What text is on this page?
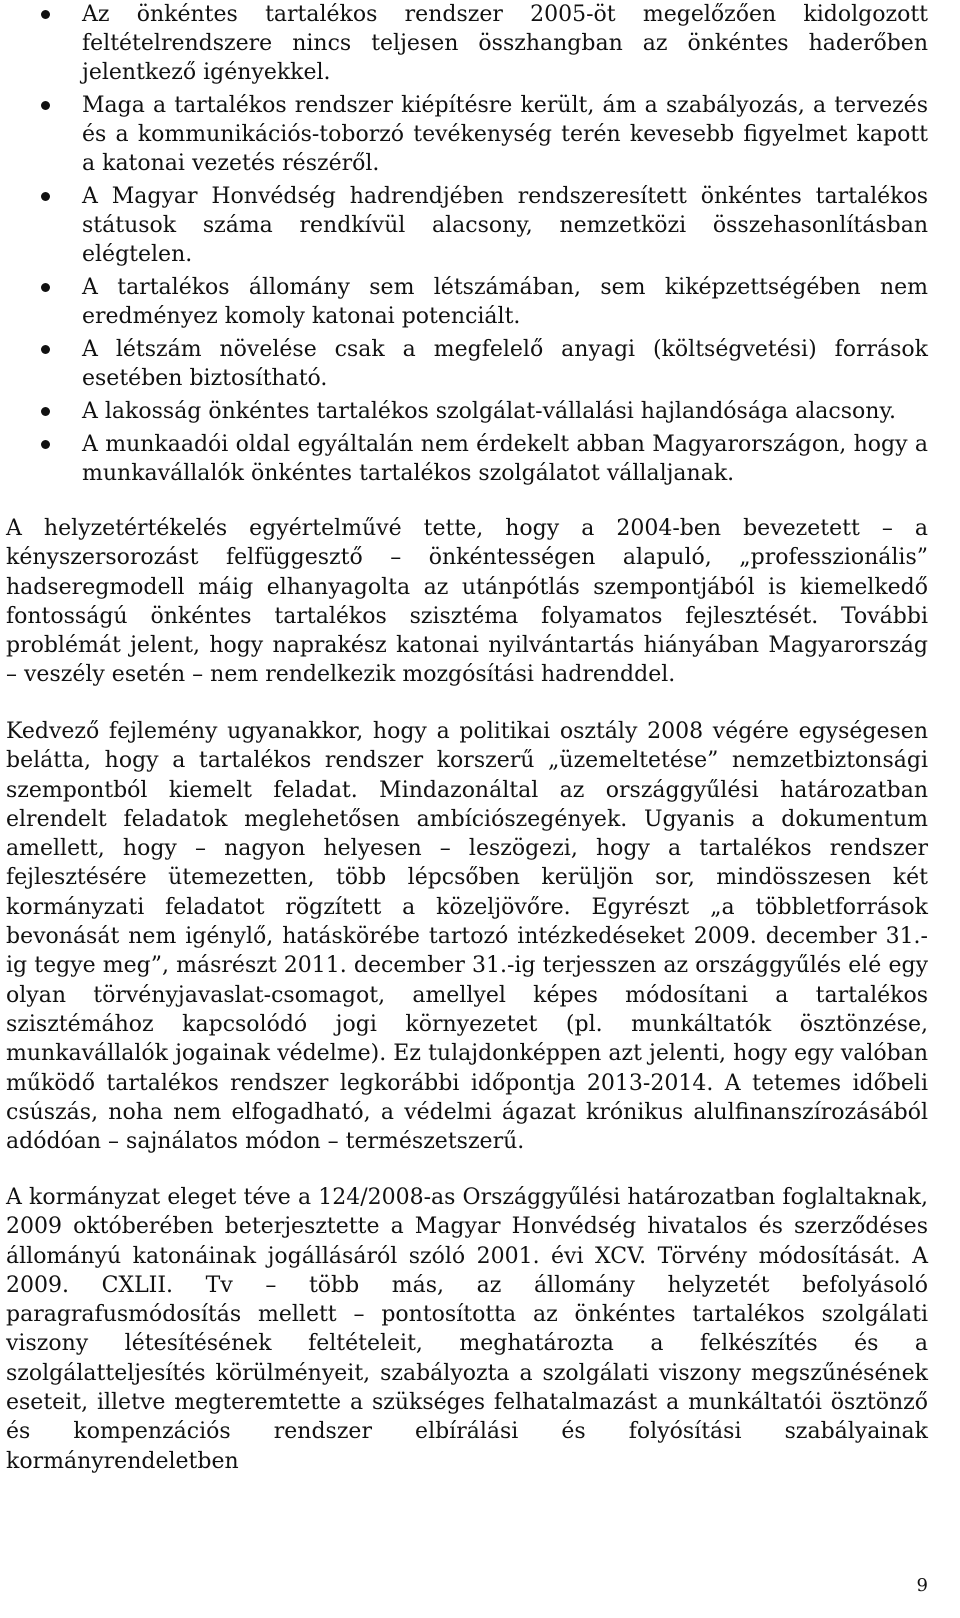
Az önkéntes tartalékos rendszer 2005-öt megelőzően kidolgozott feltételrendszere nincs teljesen összhangban az önkéntes haderőben jelentkező igényekkel.
Maga a tartalékos rendszer kiépítésre került, ám a szabályozás, a tervezés és a kommunikációs-toborzó tevékenység terén kevesebb figyelmet kapott a katonai vezetés részéről.
A Magyar Honvédség hadrendjében rendszeresített önkéntes tartalékos státusok száma rendkívül alacsony, nemzetközi összehasonlításban elégtelen.
A tartalékos állomány sem létszámában, sem kiképzettségében nem eredményez komoly katonai potenciált.
A létszám növelése csak a megfelelő anyagi (költségvetési) források esetében biztosítható.
A lakosság önkéntes tartalékos szolgálat-vállalási hajlandósága alacsony.
A munkaadói oldal egyáltalán nem érdekelt abban Magyarországon, hogy a munkavállalók önkéntes tartalékos szolgálatot vállaljanak.

A helyzetértékelés egyértelművé tette, hogy a 2004-ben bevezetett – a kényszersorozást felfüggesztő – önkéntességen alapuló, „professzionális” hadseregmodell máig elhanyagolta az utánpótlás szempontjából is kiemelkedő fontosságú önkéntes tartalékos szisztéma folyamatos fejlesztését. További problémát jelent, hogy naprakész katonai nyilvántartás hiányában Magyarország – veszély esetén – nem rendelkezik mozgósítási hadrenddel.

Kedvező fejlemény ugyanakkor, hogy a politikai osztály 2008 végére egységesen belátta, hogy a tartalékos rendszer korszerű „üzemeltetése” nemzetbiztonsági szempontból kiemelt feladat. Mindazonáltal az országgyűlési határozatban elrendelt feladatok meglehetősen ambíciószegények. Ugyanis a dokumentum amellett, hogy – nagyon helyesen – leszögezi, hogy a tartalékos rendszer fejlesztésére ütemezetten, több lépcsőben kerüljön sor, mindösszesen két kormányzati feladatot rögzített a közeljövőre. Egyrészt „a többletforrások bevonását nem igénylő, hatáskörébe tartozó intézkedéseket 2009. december 31.-ig tegye meg”, másrészt 2011. december 31.-ig terjesszen az országgyűlés elé egy olyan törvényjavaslat-csomagot, amellyel képes módosítani a tartalékos szisztémához kapcsolódó jogi környezetet (pl. munkáltatók ösztönzése, munkavállalók jogainak védelme). Ez tulajdonképpen azt jelenti, hogy egy valóban működő tartalékos rendszer legkorábbi időpontja 2013-2014. A tetemes időbeli csúszás, noha nem elfogadható, a védelmi ágazat krónikus alulfinanszírozásából adódóan – sajnálatos módon – természetszerű.

A kormányzat eleget téve a 124/2008-as Országgyűlési határozatban foglaltaknak, 2009 októberében beterjesztette a Magyar Honvédség hivatalos és szerződéses állományú katonáinak jogállásáról szóló 2001. évi XCV. Törvény módosítását. A 2009. CXLII. Tv – több más, az állomány helyzetét befolyásoló paragrafusmódosítás mellett – pontosította az önkéntes tartalékos szolgálati viszony létesítésének feltételeit, meghatározta a felkészítés és a szolgálatteljesítés körülményeit, szabályozta a szolgálati viszony megszűnésének eseteit, illetve megteremtette a szükséges felhatalmazást a munkáltatói ösztönző és kompenzációs rendszer elbírálási és folyósítási szabályainak kormányrendeletben

9
